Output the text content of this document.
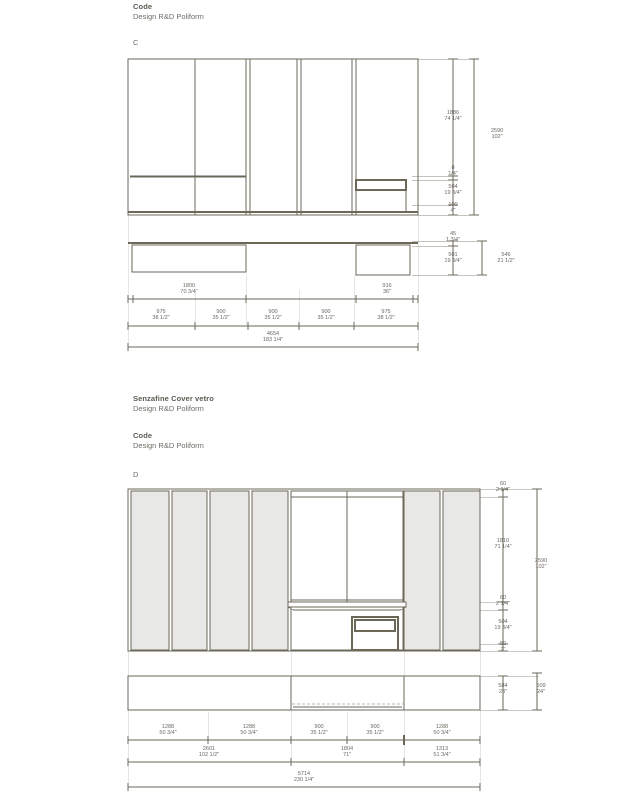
Code
Design R&D Poliform
C
1886
74 1/4"
8
1/4"
504
19 3/4"
100
4"
2590
102"
45
1 3/4"
501
19 3/4"
546
21 1/2"
1800
70 3/4"
916
36"
975
38 1/2"
900
35 1/2"
900
35 1/2"
900
35 1/2"
975
38 1/2"
4654
183 1/4"
Senzafine Cover vetro
Design R&D Poliform
Code
Design R&D Poliform
D
60
2 1/4"
1810
71 1/4"
60
2 1/4"
504
19 3/4"
50
2"
2590
102"
584
23"
609
24"
1288
50 3/4"
1288
50 3/4"
900
35 1/2"
900
35 1/2"
1288
50 3/4"
2601
102 1/2"
1804
71"
1313
51 3/4"
5714
230 1/4"
